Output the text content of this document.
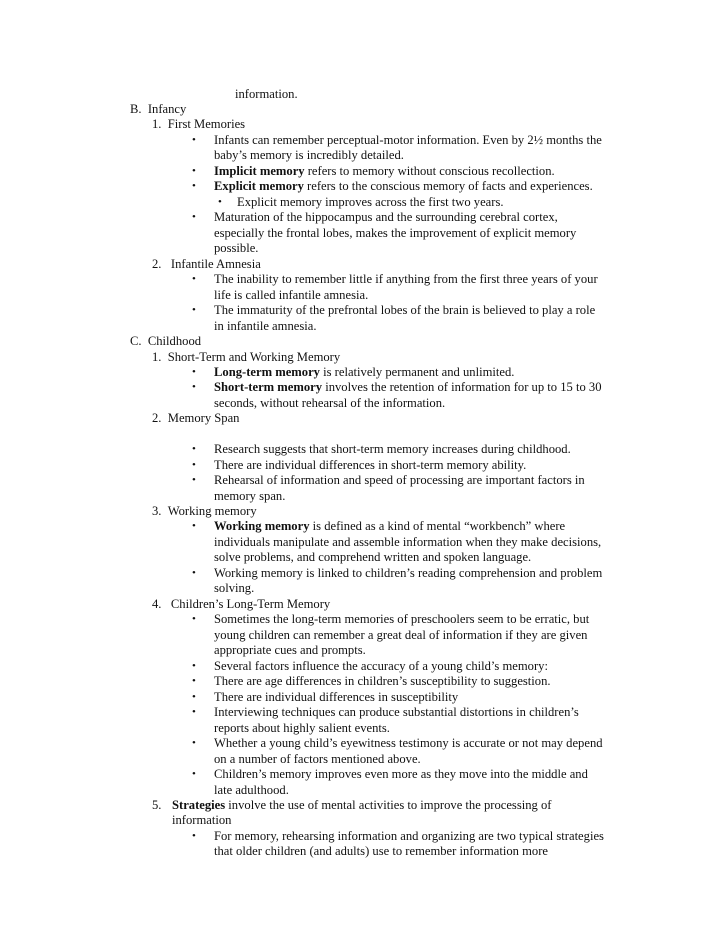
information.
B. Infancy
1. First Memories
• Infants can remember perceptual-motor information. Even by 2½ months the
baby’s memory is incredibly detailed.
• Implicit memory refers to memory without conscious recollection.
• Explicit memory refers to the conscious memory of facts and experiences.
• Explicit memory improves across the first two years.
• Maturation of the hippocampus and the surrounding cerebral cortex,
especially the frontal lobes, makes the improvement of explicit memory
possible.
2. Infantile Amnesia
• The inability to remember little if anything from the first three years of your
life is called infantile amnesia.
• The immaturity of the prefrontal lobes of the brain is believed to play a role
in infantile amnesia.
C. Childhood
1. Short-Term and Working Memory
• Long-term memory is relatively permanent and unlimited.
• Short-term memory involves the retention of information for up to 15 to 30
seconds, without rehearsal of the information.
2. Memory Span
• Research suggests that short-term memory increases during childhood.
• There are individual differences in short-term memory ability.
• Rehearsal of information and speed of processing are important factors in
memory span.
3. Working memory
• Working memory is defined as a kind of mental “workbench” where
individuals manipulate and assemble information when they make decisions,
solve problems, and comprehend written and spoken language.
• Working memory is linked to children’s reading comprehension and problem
solving.
4. Children’s Long-Term Memory
• Sometimes the long-term memories of preschoolers seem to be erratic, but
young children can remember a great deal of information if they are given
appropriate cues and prompts.
• Several factors influence the accuracy of a young child’s memory:
• There are age differences in children’s susceptibility to suggestion.
• There are individual differences in susceptibility
• Interviewing techniques can produce substantial distortions in children’s
reports about highly salient events.
• Whether a young child’s eyewitness testimony is accurate or not may depend
on a number of factors mentioned above.
• Children’s memory improves even more as they move into the middle and
late adulthood.
5. Strategies involve the use of mental activities to improve the processing of
information
• For memory, rehearsing information and organizing are two typical strategies
that older children (and adults) use to remember information more
